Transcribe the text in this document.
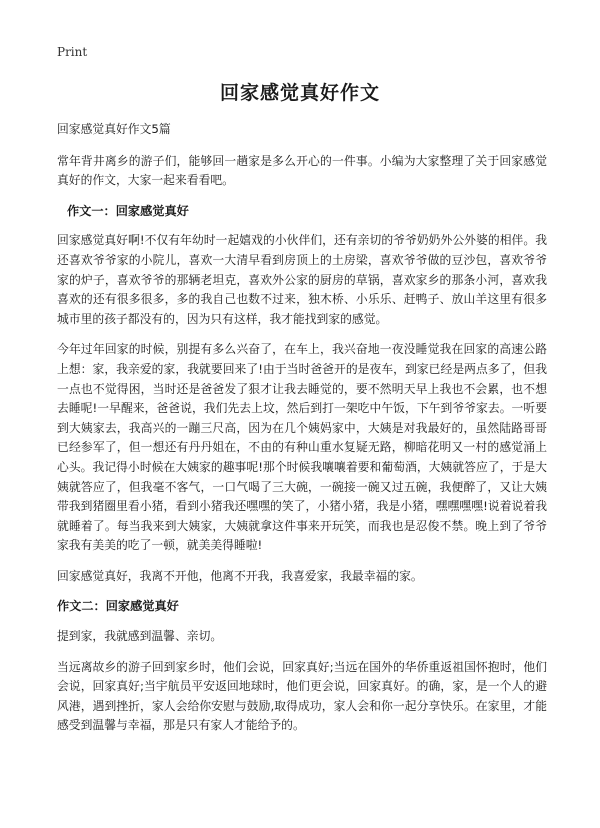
Print
回家感觉真好作文

回家感觉真好作文5篇

常年背井离乡的游子们，能够回一趟家是多么开心的一件事。小编为大家整理了关于回家感觉真好的作文，大家一起来看看吧。

作文一：回家感觉真好

回家感觉真好啊!不仅有年幼时一起嬉戏的小伙伴们，还有亲切的爷爷奶奶外公外婆的相伴。我还喜欢爷爷家的小院儿，喜欢一大清早看到房顶上的土房梁，喜欢爷爷做的豆沙包，喜欢爷爷家的炉子，喜欢爷爷的那辆老坦克，喜欢外公家的厨房的草锅，喜欢家乡的那条小河，喜欢我喜欢的还有很多很多，多的我自己也数不过来，独木桥、小乐乐、赶鸭子、放山羊这里有很多城市里的孩子都没有的，因为只有这样，我才能找到家的感觉。

今年过年回家的时候，别提有多么兴奋了，在车上，我兴奋地一夜没睡觉我在回家的高速公路上想：家，我亲爱的家，我就要回来了!由于当时爸爸开的是夜车，到家已经是两点多了，但我一点也不觉得困，当时还是爸爸发了狠才让我去睡觉的，要不然明天早上我也不会累，也不想去睡呢!一早醒来，爸爸说，我们先去上坟，然后到打一架吃中午饭，下午到爷爷家去。一听要到大姨家去，我高兴的一蹦三尺高，因为在几个姨妈家中，大姨是对我最好的，虽然陆路哥哥已经参军了，但一想还有丹丹姐在，不由的有种山重水复疑无路，柳暗花明又一村的感觉涌上心头。我记得小时候在大姨家的趣事呢!那个时候我嚷嚷着要和葡萄酒，大姨就答应了，于是大姨就答应了，但我毫不客气，一口气喝了三大碗，一碗接一碗又过五碗，我便醉了，又让大姨带我到猪圈里看小猪，看到小猪我还嘿嘿的笑了，小猪小猪，我是小猪，嘿嘿嘿嘿!说着说着我就睡着了。每当我来到大姨家，大姨就拿这件事来开玩笑，而我也是忍俊不禁。晚上到了爷爷家我有美美的吃了一顿，就美美得睡啦!

回家感觉真好，我离不开他，他离不开我，我喜爱家，我最幸福的家。

作文二：回家感觉真好

提到家，我就感到温馨、亲切。

当远离故乡的游子回到家乡时，他们会说，回家真好;当远在国外的华侨重返祖国怀抱时，他们会说，回家真好;当宇航员平安返回地球时，他们更会说，回家真好。的确，家，是一个人的避风港，遇到挫折，家人会给你安慰与鼓励,取得成功，家人会和你一起分享快乐。在家里，才能感受到温馨与幸福，那是只有家人才能给予的。
